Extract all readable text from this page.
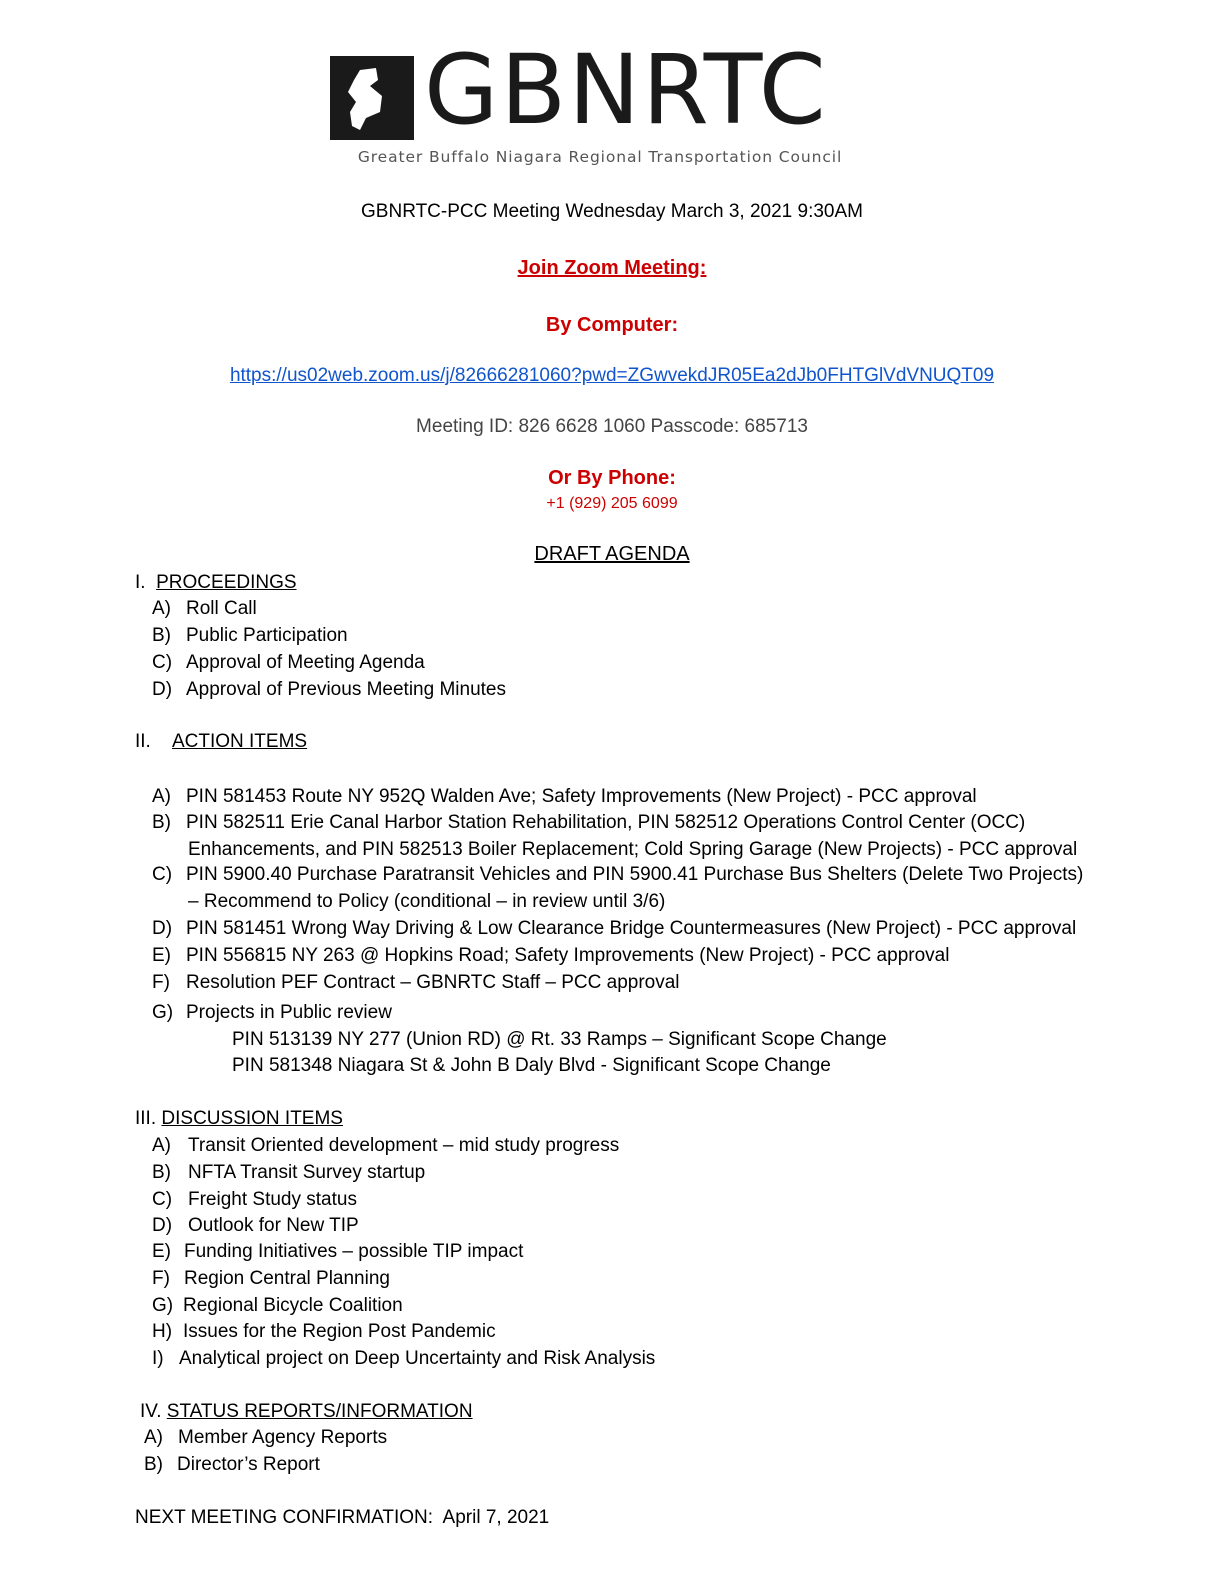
GBNRTC
Greater Buffalo Niagara Regional Transportation Council
GBNRTC-PCC Meeting Wednesday March 3, 2021 9:30AM
Join Zoom Meeting:
By Computer:
https://us02web.zoom.us/j/82666281060?pwd=ZGwvekdJR05Ea2dJb0FHTGlVdVNUQT09
Meeting ID: 826 6628 1060 Passcode: 685713
Or By Phone:
+1 (929) 205 6099
DRAFT AGENDA
I. PROCEEDINGS
A) Roll Call
B) Public Participation
C) Approval of Meeting Agenda
D) Approval of Previous Meeting Minutes
II. ACTION ITEMS
A) PIN 581453 Route NY 952Q Walden Ave; Safety Improvements (New Project) - PCC approval
B) PIN 582511 Erie Canal Harbor Station Rehabilitation, PIN 582512 Operations Control Center (OCC)
Enhancements, and PIN 582513 Boiler Replacement; Cold Spring Garage (New Projects) - PCC approval
C) PIN 5900.40 Purchase Paratransit Vehicles and PIN 5900.41 Purchase Bus Shelters (Delete Two Projects)
– Recommend to Policy (conditional – in review until 3/6)
D) PIN 581451 Wrong Way Driving & Low Clearance Bridge Countermeasures (New Project) - PCC approval
E) PIN 556815 NY 263 @ Hopkins Road; Safety Improvements (New Project) - PCC approval
F) Resolution PEF Contract – GBNRTC Staff – PCC approval
G) Projects in Public review
PIN 513139 NY 277 (Union RD) @ Rt. 33 Ramps – Significant Scope Change
PIN 581348 Niagara St & John B Daly Blvd - Significant Scope Change
III. DISCUSSION ITEMS
A) Transit Oriented development – mid study progress
B) NFTA Transit Survey startup
C) Freight Study status
D) Outlook for New TIP
E) Funding Initiatives – possible TIP impact
F) Region Central Planning
G) Regional Bicycle Coalition
H) Issues for the Region Post Pandemic
I) Analytical project on Deep Uncertainty and Risk Analysis
IV. STATUS REPORTS/INFORMATION
A) Member Agency Reports
B) Director’s Report
NEXT MEETING CONFIRMATION:  April 7, 2021
